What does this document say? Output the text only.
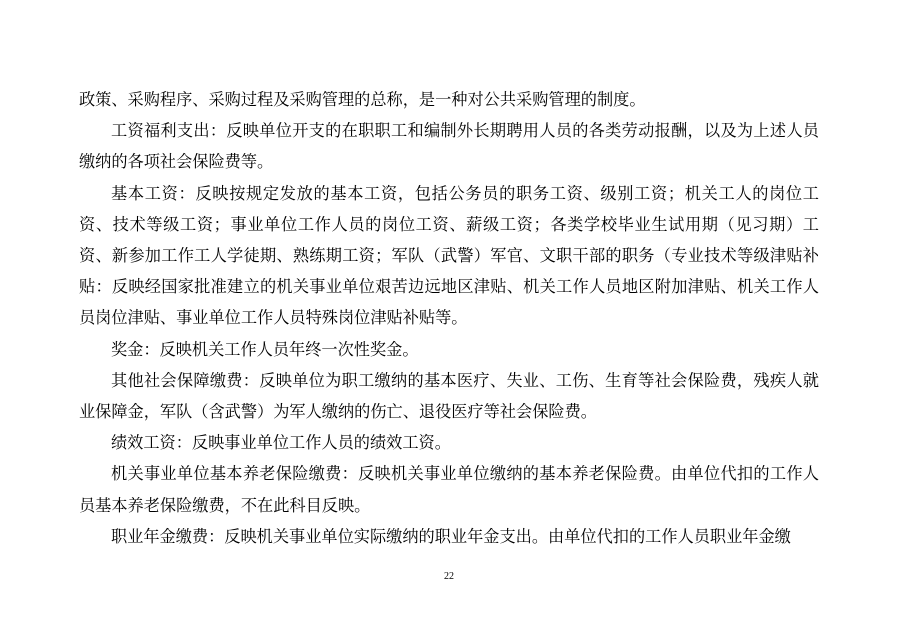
政策、采购程序、采购过程及采购管理的总称，是一种对公共采购管理的制度。

工资福利支出：反映单位开支的在职职工和编制外长期聘用人员的各类劳动报酬，以及为上述人员缴纳的各项社会保险费等。

基本工资：反映按规定发放的基本工资，包括公务员的职务工资、级别工资；机关工人的岗位工资、技术等级工资；事业单位工作人员的岗位工资、薪级工资；各类学校毕业生试用期（见习期）工资、新参加工作工人学徒期、熟练期工资；军队（武警）军官、文职干部的职务（专业技术等级津贴补贴：反映经国家批准建立的机关事业单位艰苦边远地区津贴、机关工作人员地区附加津贴、机关工作人员岗位津贴、事业单位工作人员特殊岗位津贴补贴等。

奖金：反映机关工作人员年终一次性奖金。

其他社会保障缴费：反映单位为职工缴纳的基本医疗、失业、工伤、生育等社会保险费，残疾人就业保障金，军队（含武警）为军人缴纳的伤亡、退役医疗等社会保险费。

绩效工资：反映事业单位工作人员的绩效工资。

机关事业单位基本养老保险缴费：反映机关事业单位缴纳的基本养老保险费。由单位代扣的工作人员基本养老保险缴费，不在此科目反映。

职业年金缴费：反映机关事业单位实际缴纳的职业年金支出。由单位代扣的工作人员职业年金缴

22
